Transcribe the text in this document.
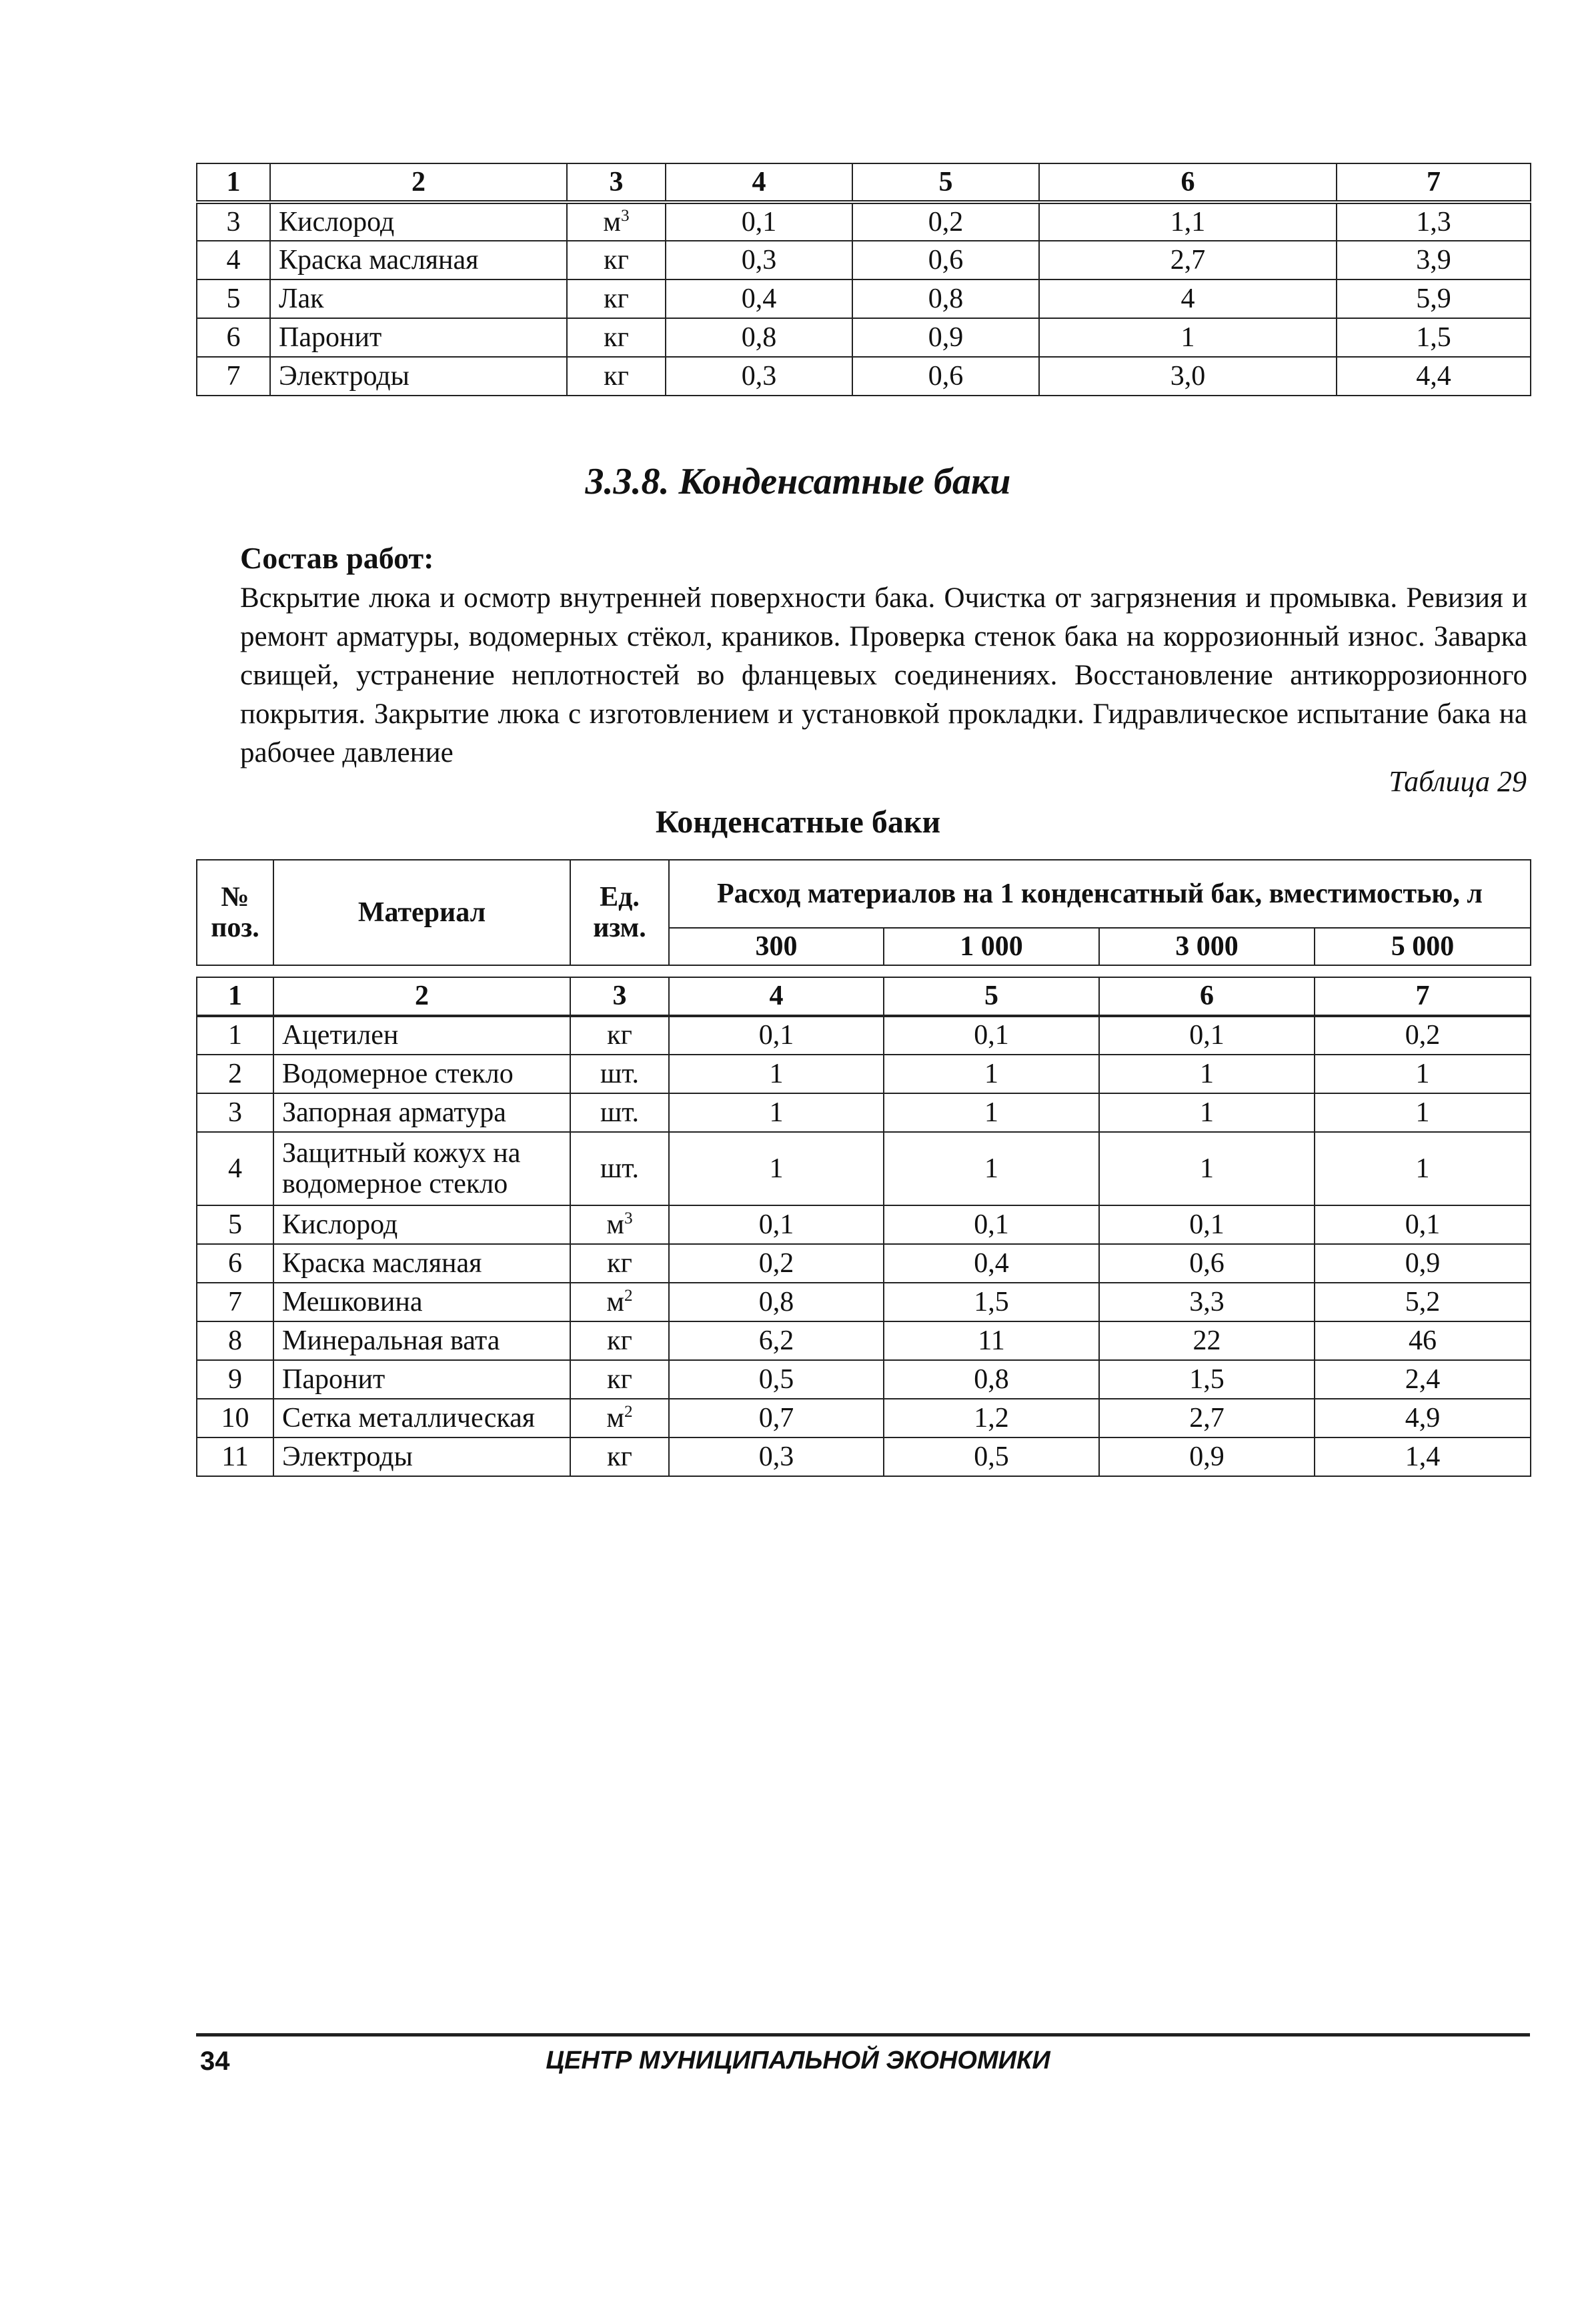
1	2	3	4	5	6	7
3	Кислород	$м^3$	0,1	0,2	1,1	1,3
4	Краска масляная	кг	0,3	0,6	2,7	3,9
5	Лак	кг	0,4	0,8	4	5,9
6	Паронит	кг	0,8	0,9	1	1,5
7	Электроды	кг	0,3	0,6	3,0	4,4
3.3.8. Конденсатные баки
Состав работ:
Вскрытие люка и осмотр внутренней поверхности бака. Очистка от загрязнения и промывка. Ревизия и ремонт арматуры, водомерных стёкол, краников. Проверка стенок бака на коррозионный износ. Заварка свищей, устранение неплотностей во фланцевых соединениях. Восстановление антикоррозионного покрытия. Закрытие люка с изготовлением и установкой прокладки. Гидравлическое испытание бака на рабочее давление
Таблица 29
Конденсатные баки
№ поз.	Материал	Ед. изм.	Расход материалов на 1 конденсатный бак, вместимостью, л			
			300	1 000	3 000	5 000
1	2	3	4	5	6	7
1	Ацетилен	кг	0,1	0,1	0,1	0,2
2	Водомерное стекло	шт.	1	1	1	1
3	Запорная арматура	шт.	1	1	1	1
4	Защитный кожух на водомерное стекло	шт.	1	1	1	1
5	Кислород	$м^3$	0,1	0,1	0,1	0,1
6	Краска масляная	кг	0,2	0,4	0,6	0,9
7	Мешковина	$м^2$	0,8	1,5	3,3	5,2
8	Минеральная вата	кг	6,2	11	22	46
9	Паронит	кг	0,5	0,8	1,5	2,4
10	Сетка металлическая	$м^2$	0,7	1,2	2,7	4,9
11	Электроды	кг	0,3	0,5	0,9	1,4
34	ЦЕНТР МУНИЦИПАЛЬНОЙ ЭКОНОМИКИ
